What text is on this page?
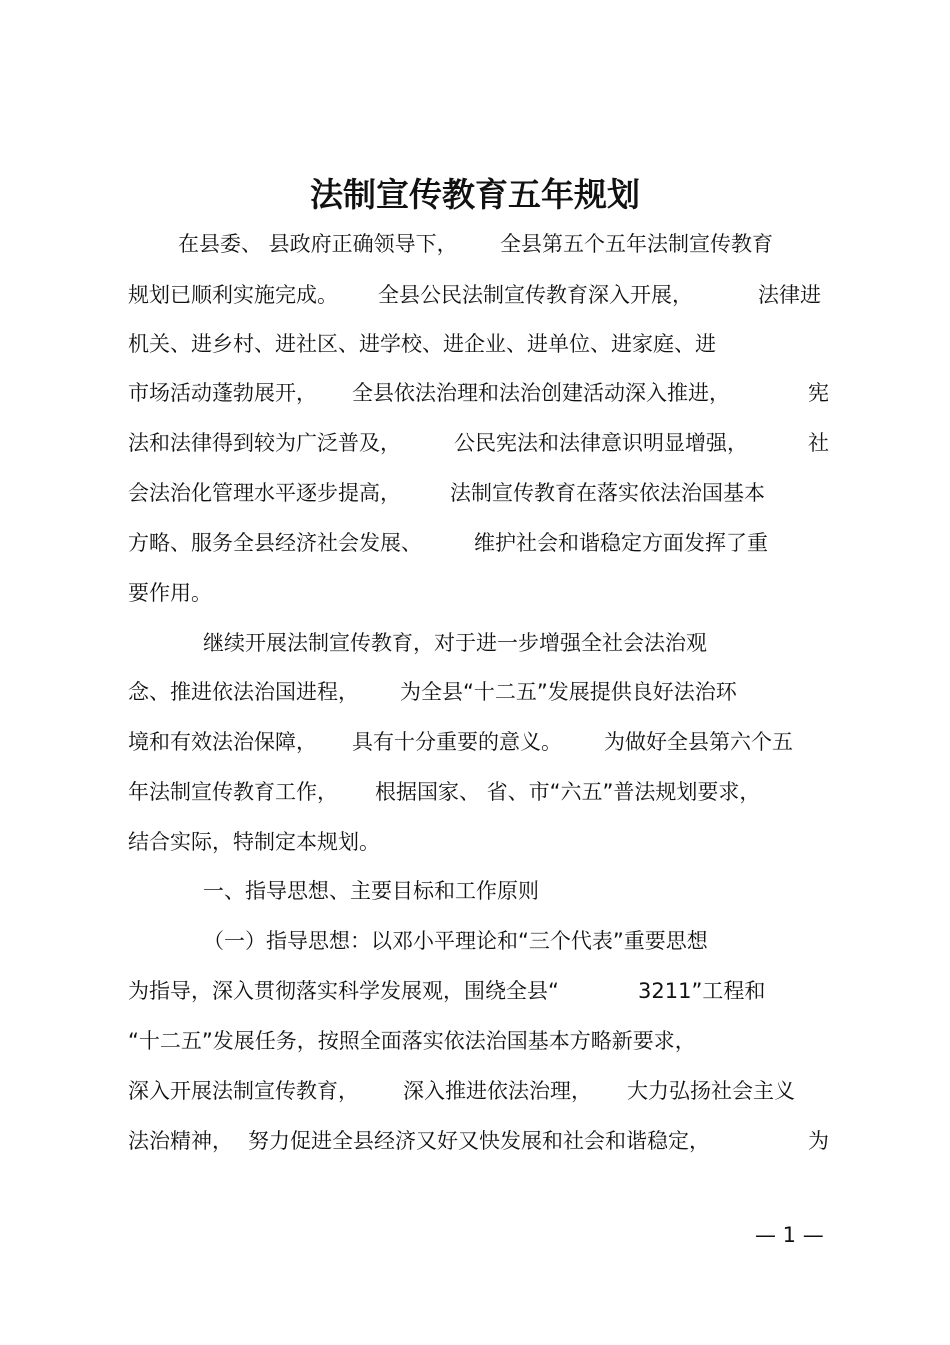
法制宣传教育五年规划

在县委、 县政府正确领导下， 全县第五个五年法制宣传教育

规划已顺利实施完成。 全县公民法制宣传教育深入开展，	法律进

机关、进乡村、进社区、进学校、进企业、进单位、进家庭、进

市场活动蓬勃展开， 全县依法治理和法治创建活动深入推进，	宪

法和法律得到较为广泛普及，	公民宪法和法律意识明显增强，	社

会法治化管理水平逐步提高， 法制宣传教育在落实依法治国基本

方略、服务全县经济社会发展、 维护社会和谐稳定方面发挥了重

要作用。

继续开展法制宣传教育，对于进一步增强全社会法治观

念、推进依法治国进程， 为全县“十二五”发展提供良好法治环

境和有效法治保障， 具有十分重要的意义。 为做好全县第六个五

年法制宣传教育工作， 根据国家、 省、市“六五”普法规划要求，

结合实际，特制定本规划。

一、指导思想、主要目标和工作原则

（一）指导思想：以邓小平理论和“三个代表”重要思想

为指导，深入贯彻落实科学发展观，围绕全县“	3211”工程和

“十二五”发展任务，按照全面落实依法治国基本方略新要求，

深入开展法制宣传教育， 深入推进依法治理， 大力弘扬社会主义

法治精神， 努力促进全县经济又好又快发展和社会和谐稳定，	为

— 1 —
